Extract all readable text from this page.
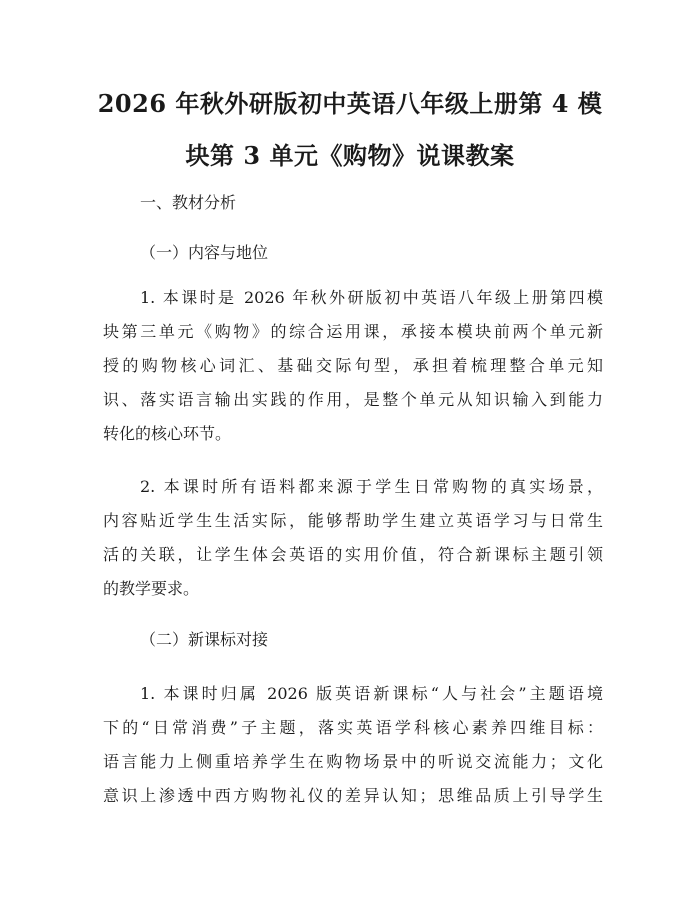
2026 年秋外研版初中英语八年级上册第 4 模
块第 3 单元《购物》说课教案
一、教材分析
（一）内容与地位
1. 本课时是 2026 年秋外研版初中英语八年级上册第四模
块第三单元《购物》的综合运用课，承接本模块前两个单元新
授的购物核心词汇、基础交际句型，承担着梳理整合单元知
识、落实语言输出实践的作用，是整个单元从知识输入到能力
转化的核心环节。
2. 本课时所有语料都来源于学生日常购物的真实场景，
内容贴近学生生活实际，能够帮助学生建立英语学习与日常生
活的关联，让学生体会英语的实用价值，符合新课标主题引领
的教学要求。
（二）新课标对接
1. 本课时归属 2026 版英语新课标“人与社会”主题语境
下的“日常消费”子主题，落实英语学科核心素养四维目标：
语言能力上侧重培养学生在购物场景中的听说交流能力；文化
意识上渗透中西方购物礼仪的差异认知；思维品质上引导学生
